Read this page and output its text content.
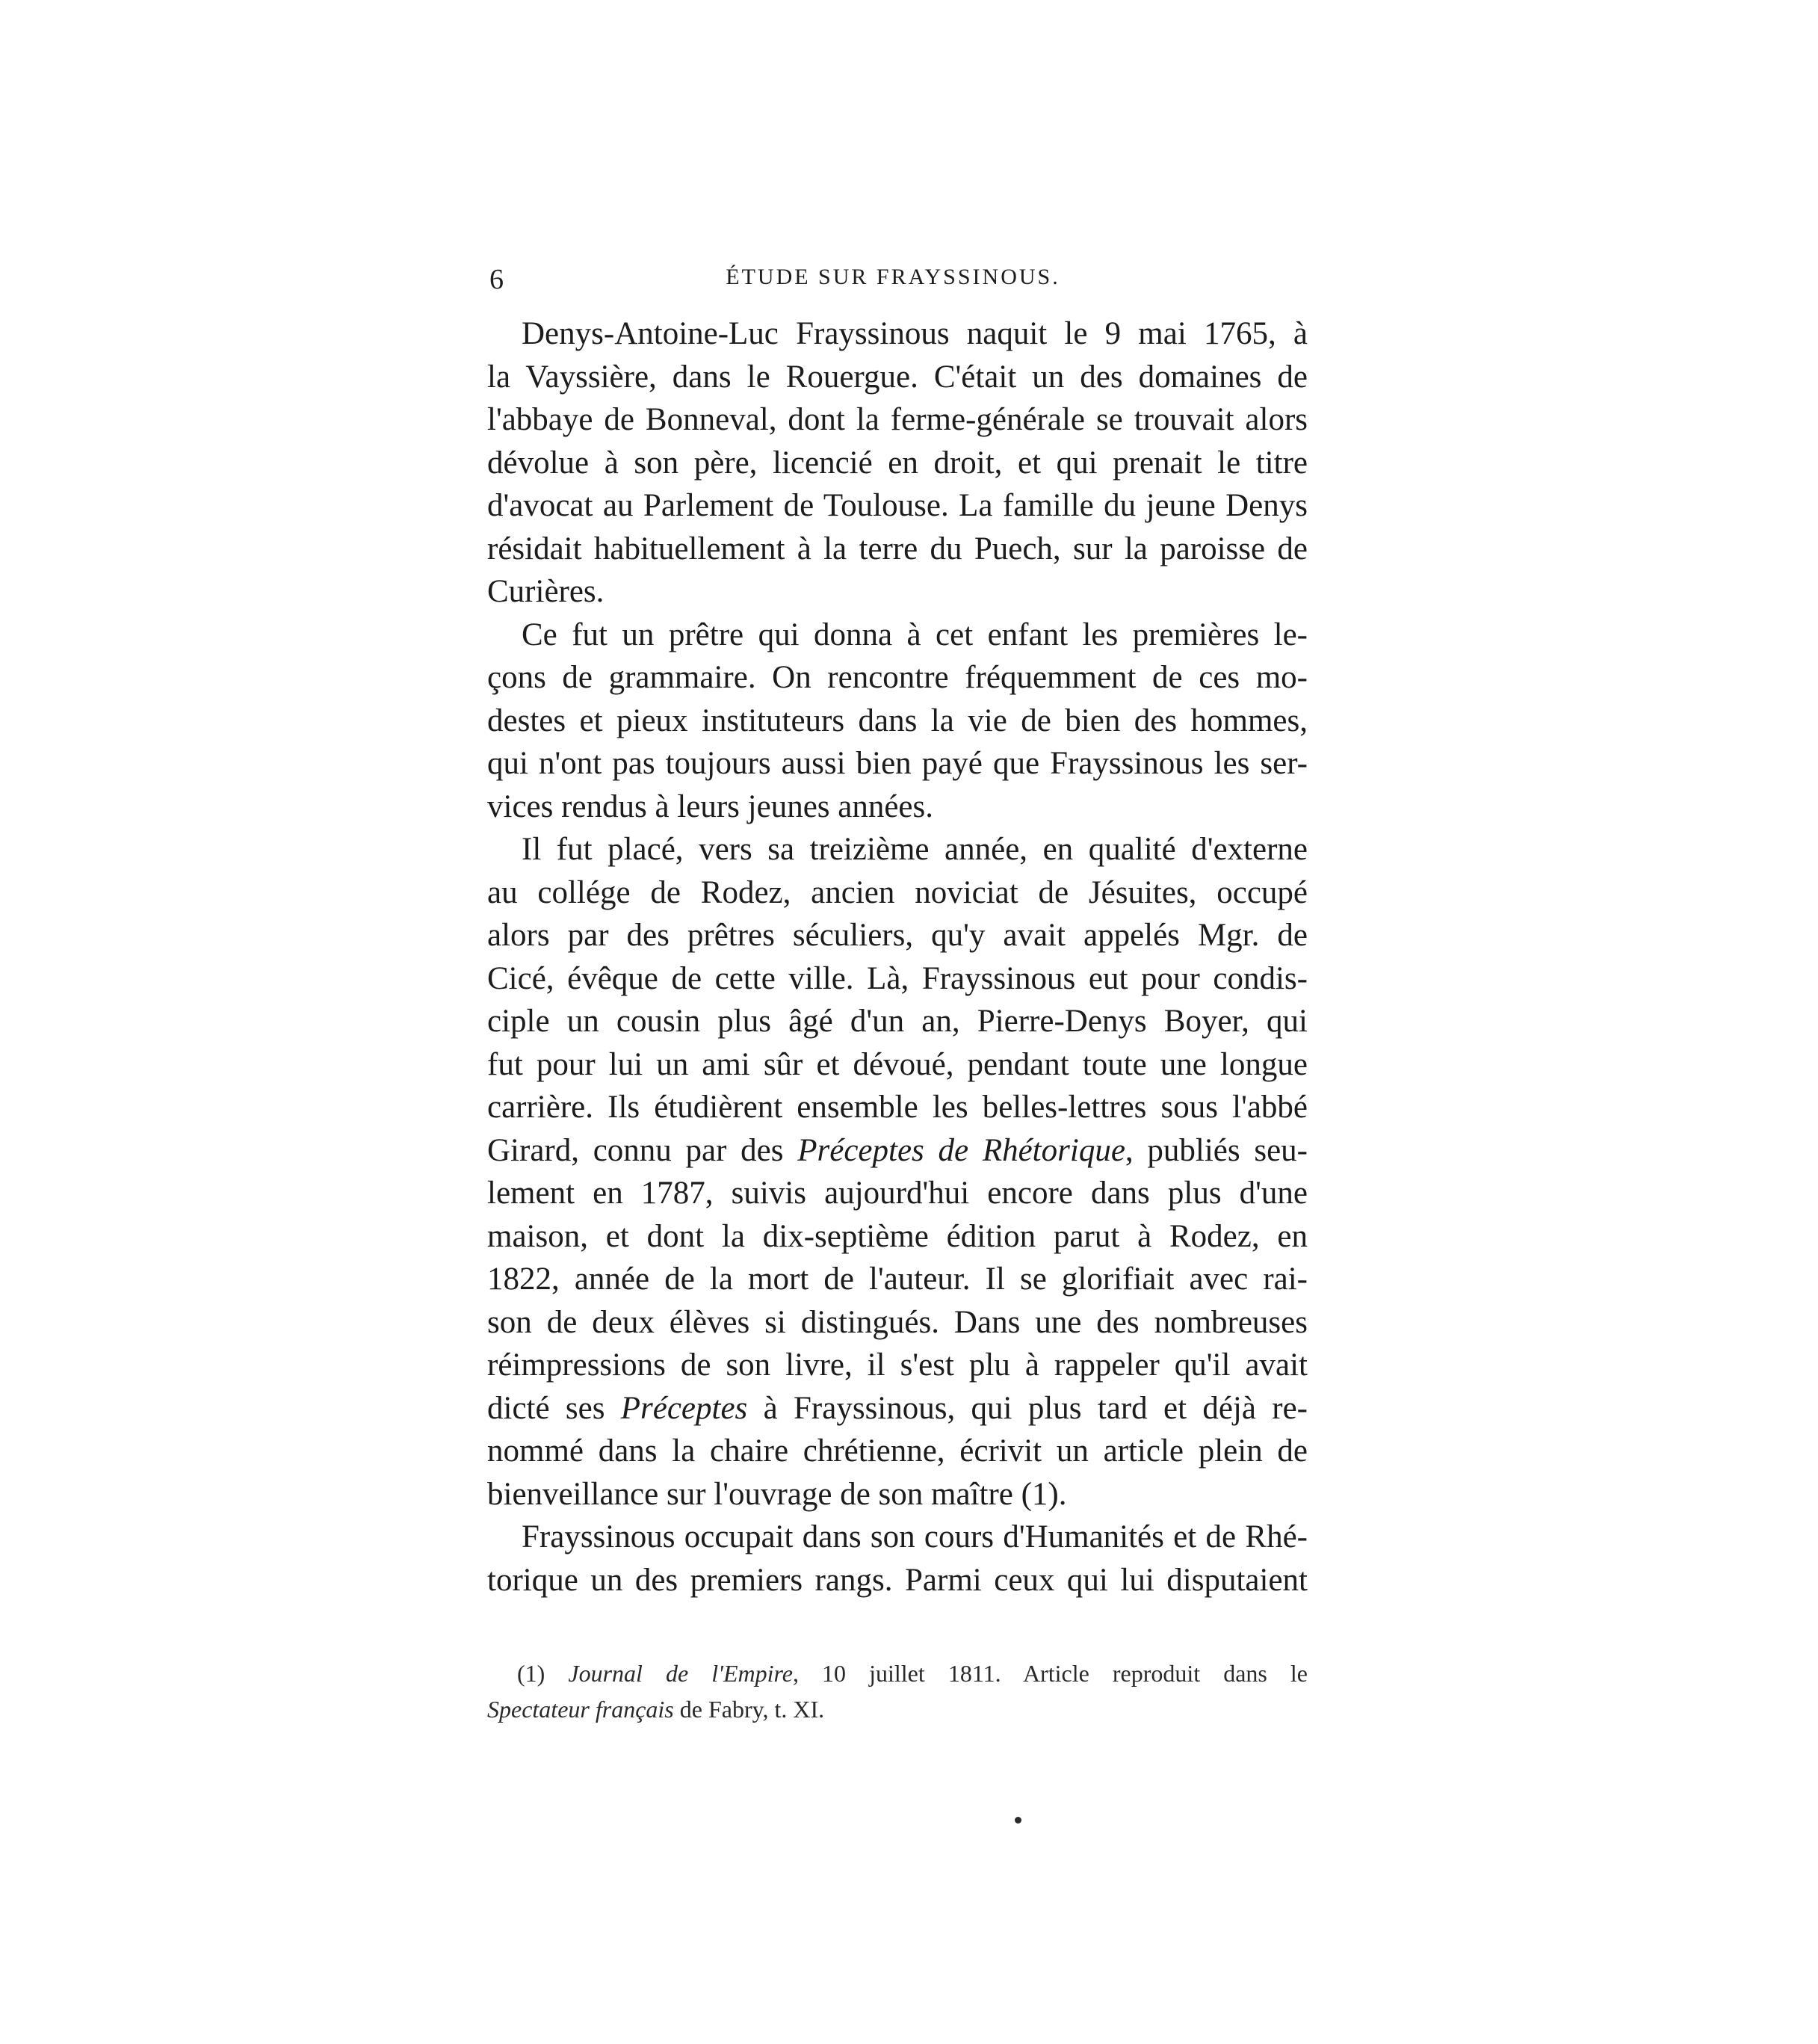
6	ÉTUDE SUR FRAYSSINOUS.
Denys-Antoine-Luc Frayssinous naquit le 9 mai 1765, à
la Vayssière, dans le Rouergue. C'était un des domaines de
l'abbaye de Bonneval, dont la ferme-générale se trouvait alors
dévolue à son père, licencié en droit, et qui prenait le titre
d'avocat au Parlement de Toulouse. La famille du jeune Denys
résidait habituellement à la terre du Puech, sur la paroisse de
Curières.
Ce fut un prêtre qui donna à cet enfant les premières le-
çons de grammaire. On rencontre fréquemment de ces mo-
destes et pieux instituteurs dans la vie de bien des hommes,
qui n'ont pas toujours aussi bien payé que Frayssinous les ser-
vices rendus à leurs jeunes années.
Il fut placé, vers sa treizième année, en qualité d'externe
au collége de Rodez, ancien noviciat de Jésuites, occupé
alors par des prêtres séculiers, qu'y avait appelés Mgr. de
Cicé, évêque de cette ville. Là, Frayssinous eut pour condis-
ciple un cousin plus âgé d'un an, Pierre-Denys Boyer, qui
fut pour lui un ami sûr et dévoué, pendant toute une longue
carrière. Ils étudièrent ensemble les belles-lettres sous l'abbé
Girard, connu par des Préceptes de Rhétorique, publiés seu-
lement en 1787, suivis aujourd'hui encore dans plus d'une
maison, et dont la dix-septième édition parut à Rodez, en
1822, année de la mort de l'auteur. Il se glorifiait avec rai-
son de deux élèves si distingués. Dans une des nombreuses
réimpressions de son livre, il s'est plu à rappeler qu'il avait
dicté ses Préceptes à Frayssinous, qui plus tard et déjà re-
nommé dans la chaire chrétienne, écrivit un article plein de
bienveillance sur l'ouvrage de son maître (1).
Frayssinous occupait dans son cours d'Humanités et de Rhé-
torique un des premiers rangs. Parmi ceux qui lui disputaient
(1) Journal de l'Empire, 10 juillet 1811. Article reproduit dans le
Spectateur français de Fabry, t. XI.
